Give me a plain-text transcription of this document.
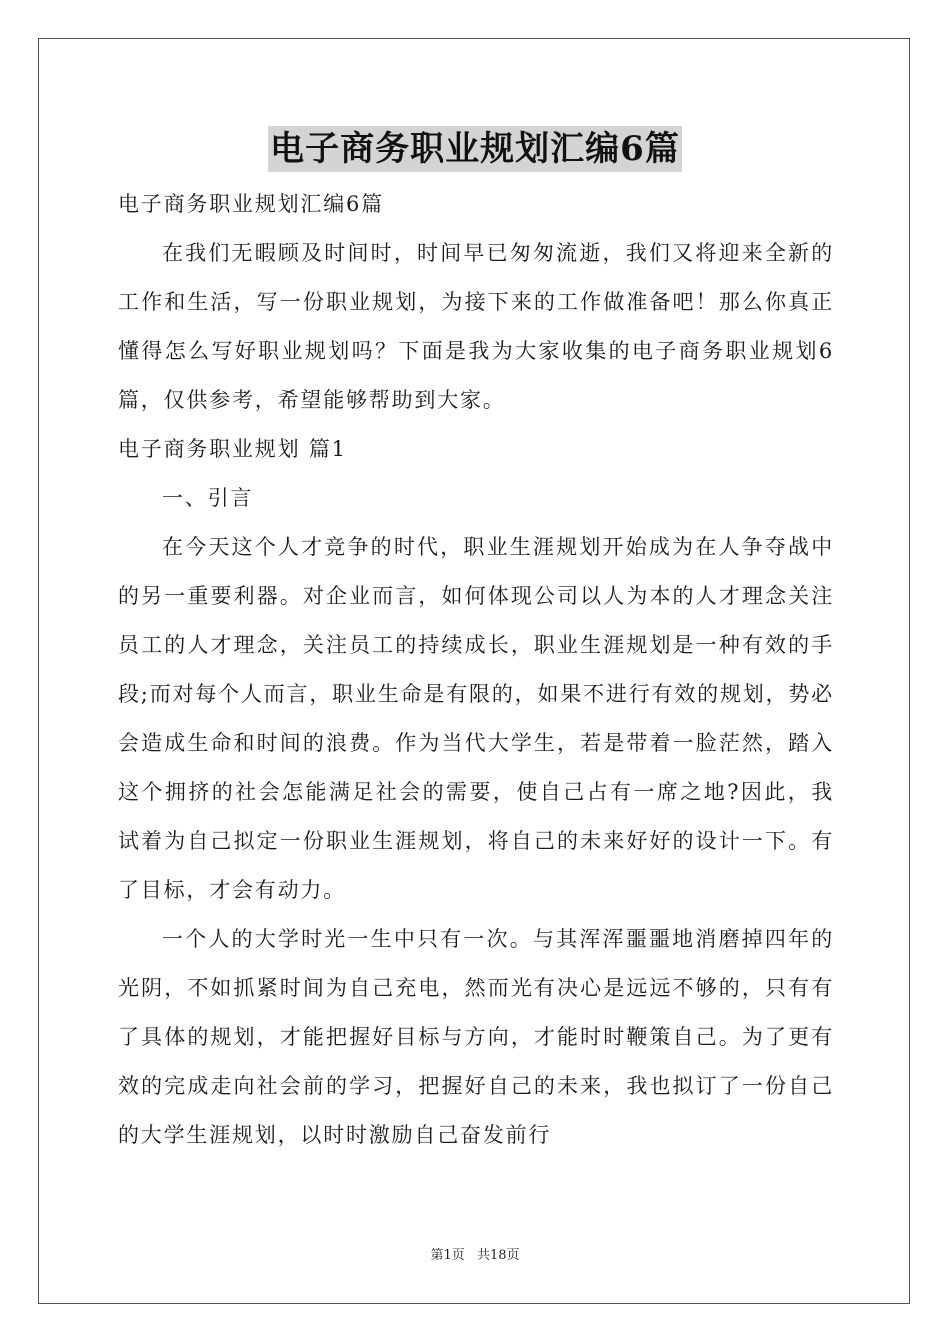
电子商务职业规划汇编6篇

电子商务职业规划汇编6篇

在我们无暇顾及时间时，时间早已匆匆流逝，我们又将迎来全新的工作和生活，写一份职业规划，为接下来的工作做准备吧！那么你真正懂得怎么写好职业规划吗？下面是我为大家收集的电子商务职业规划6篇，仅供参考，希望能够帮助到大家。

电子商务职业规划 篇1

一、引言

在今天这个人才竞争的时代，职业生涯规划开始成为在人争夺战中的另一重要利器。对企业而言，如何体现公司以人为本的人才理念关注员工的人才理念，关注员工的持续成长，职业生涯规划是一种有效的手段;而对每个人而言，职业生命是有限的，如果不进行有效的规划，势必会造成生命和时间的浪费。作为当代大学生，若是带着一脸茫然，踏入这个拥挤的社会怎能满足社会的需要，使自己占有一席之地?因此，我试着为自己拟定一份职业生涯规划，将自己的未来好好的设计一下。有了目标，才会有动力。

一个人的大学时光一生中只有一次。与其浑浑噩噩地消磨掉四年的光阴，不如抓紧时间为自己充电，然而光有决心是远远不够的，只有有了具体的规划，才能把握好目标与方向，才能时时鞭策自己。为了更有效的完成走向社会前的学习，把握好自己的未来，我也拟订了一份自己的大学生涯规划，以时时激励自己奋发前行

第1页 共18页
